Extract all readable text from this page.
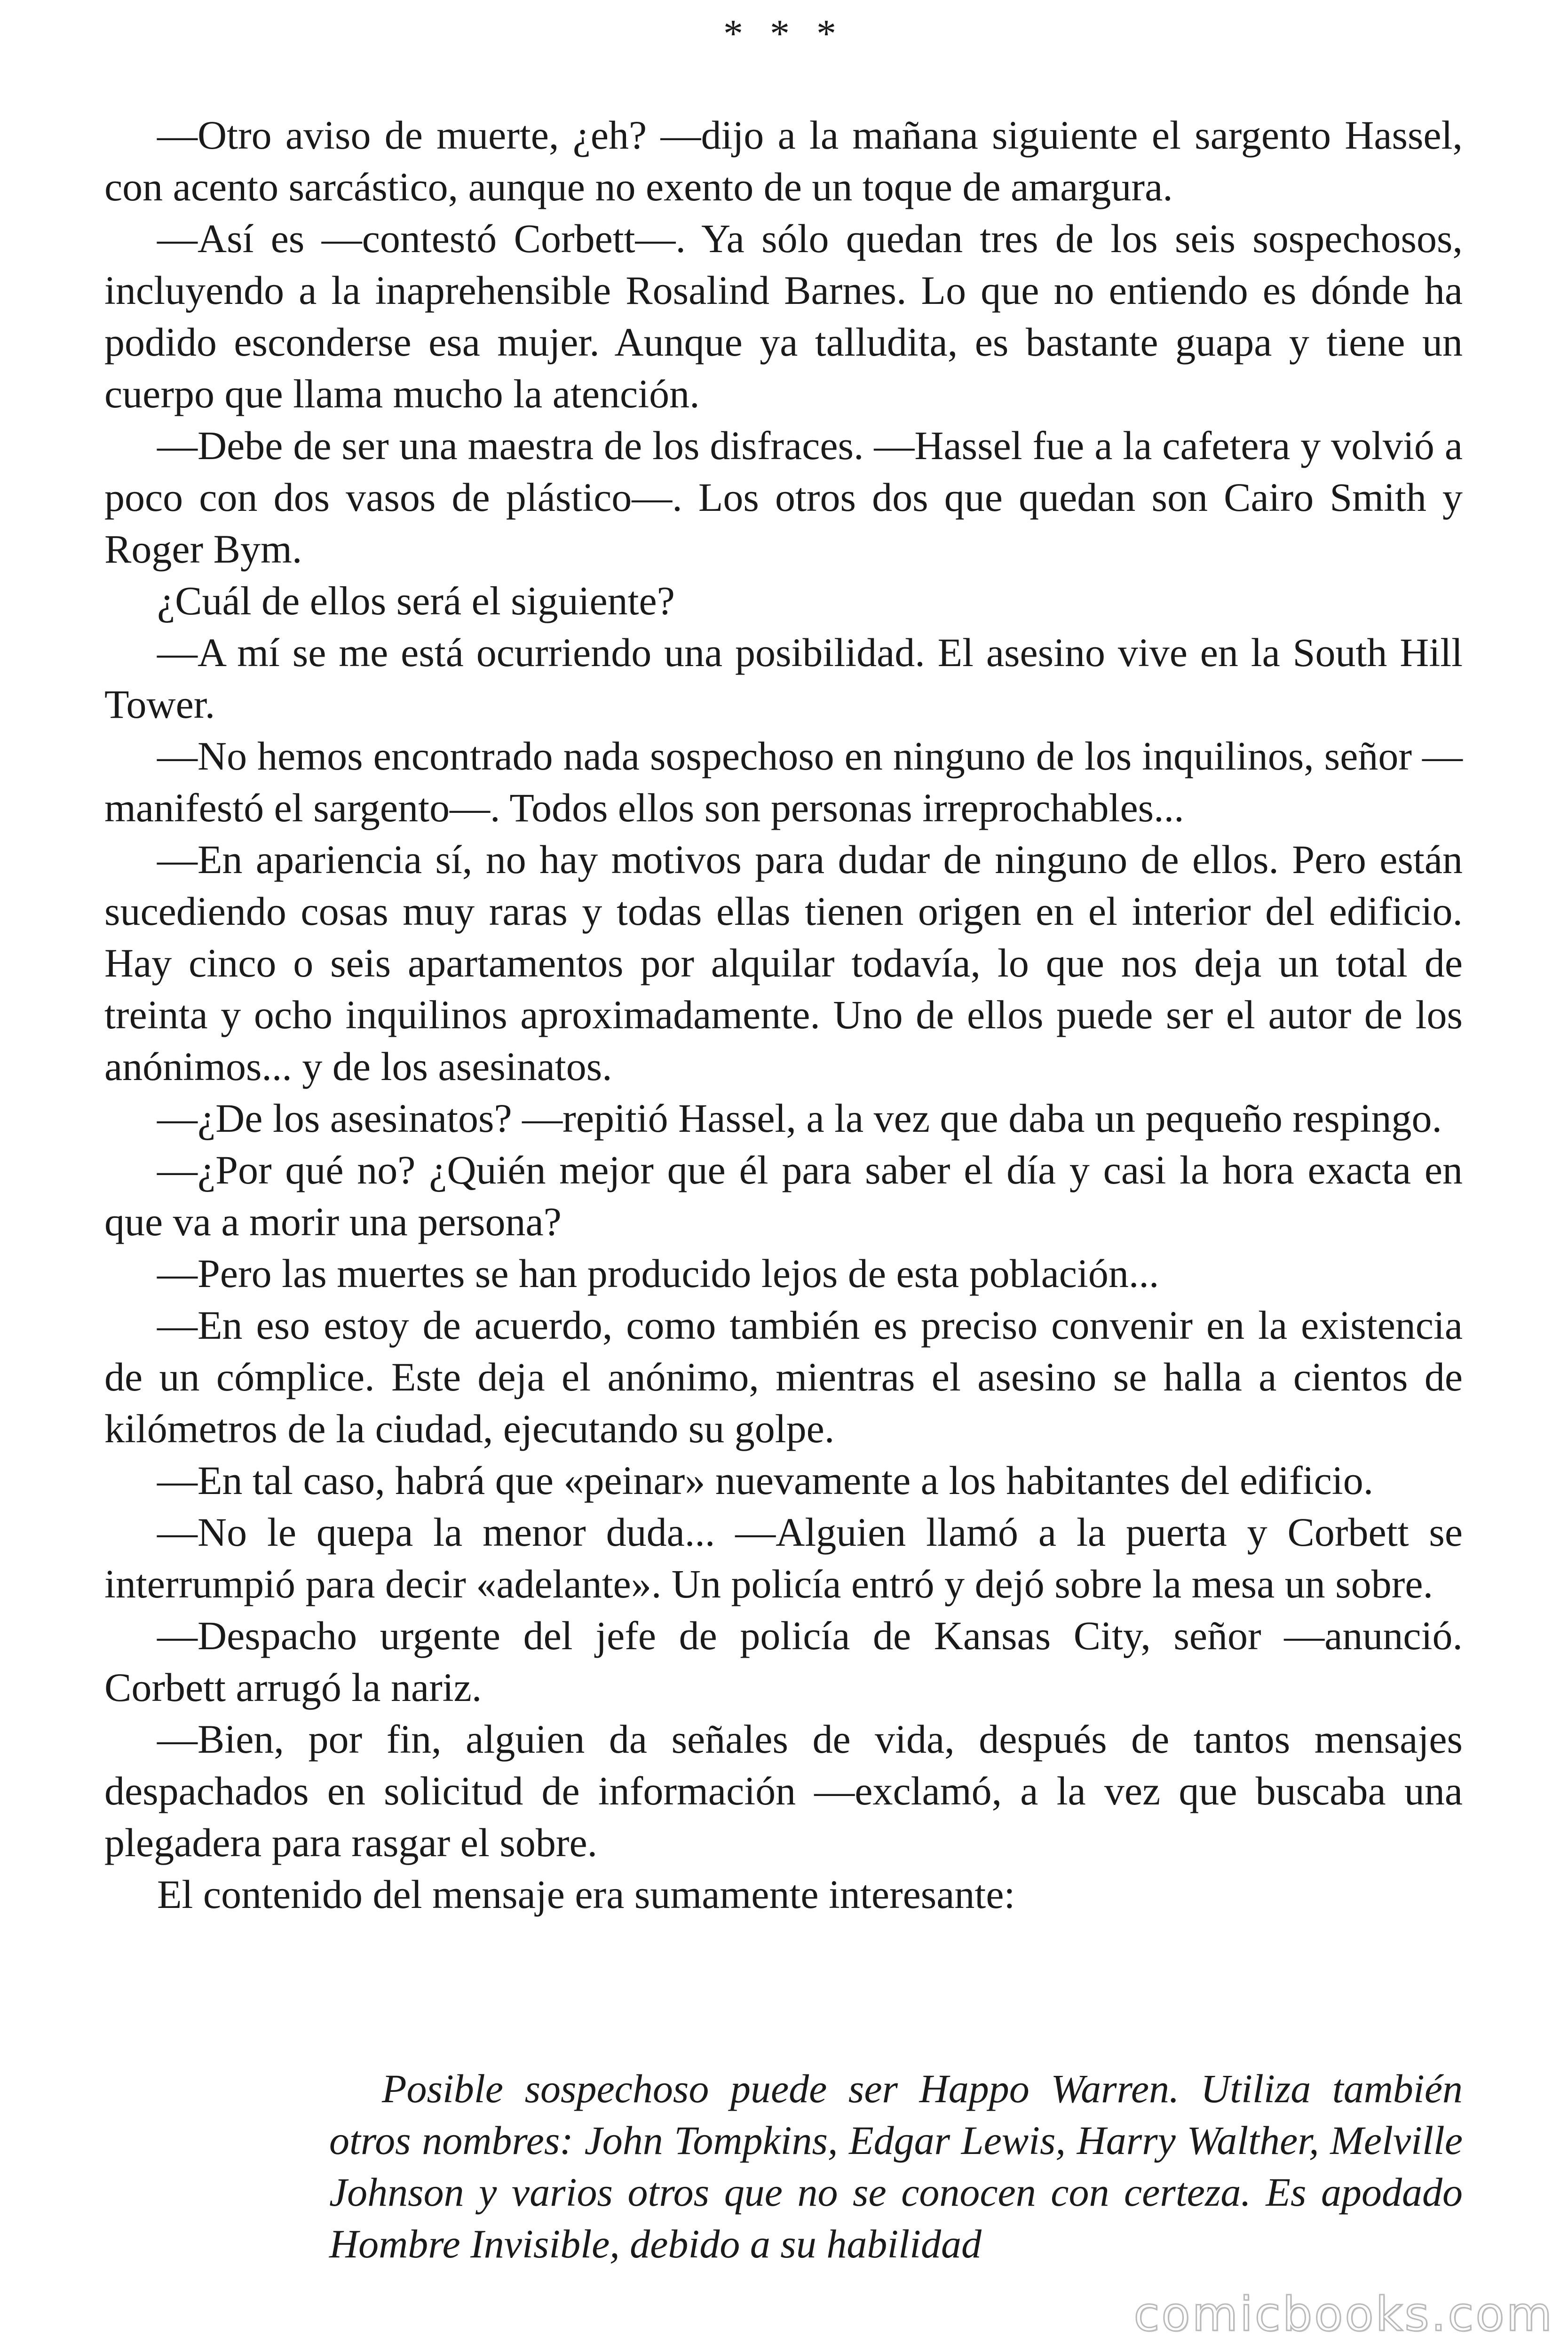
* * *

—Otro aviso de muerte, ¿eh? —dijo a la mañana siguiente el sargento Hassel, con acento sarcástico, aunque no exento de un toque de amargura.

—Así es —contestó Corbett—. Ya sólo quedan tres de los seis sospechosos, incluyendo a la inaprehensible Rosalind Barnes. Lo que no entiendo es dónde ha podido esconderse esa mujer. Aunque ya talludita, es bastante guapa y tiene un cuerpo que llama mucho la atención.

—Debe de ser una maestra de los disfraces. —Hassel fue a la cafetera y volvió a poco con dos vasos de plástico—. Los otros dos que quedan son Cairo Smith y Roger Bym.

¿Cuál de ellos será el siguiente?

—A mí se me está ocurriendo una posibilidad. El asesino vive en la South Hill Tower.

—No hemos encontrado nada sospechoso en ninguno de los inquilinos, señor — manifestó el sargento—. Todos ellos son personas irreprochables...

—En apariencia sí, no hay motivos para dudar de ninguno de ellos. Pero están sucediendo cosas muy raras y todas ellas tienen origen en el interior del edificio. Hay cinco o seis apartamentos por alquilar todavía, lo que nos deja un total de treinta y ocho inquilinos aproximadamente. Uno de ellos puede ser el autor de los anónimos... y de los asesinatos.

—¿De los asesinatos? —repitió Hassel, a la vez que daba un pequeño respingo.

—¿Por qué no? ¿Quién mejor que él para saber el día y casi la hora exacta en que va a morir una persona?

—Pero las muertes se han producido lejos de esta población...

—En eso estoy de acuerdo, como también es preciso convenir en la existencia de un cómplice. Este deja el anónimo, mientras el asesino se halla a cientos de kilómetros de la ciudad, ejecutando su golpe.

—En tal caso, habrá que «peinar» nuevamente a los habitantes del edificio.

—No le quepa la menor duda... —Alguien llamó a la puerta y Corbett se interrumpió para decir «adelante». Un policía entró y dejó sobre la mesa un sobre.

—Despacho urgente del jefe de policía de Kansas City, señor —anunció. Corbett arrugó la nariz.

—Bien, por fin, alguien da señales de vida, después de tantos mensajes despachados en solicitud de información —exclamó, a la vez que buscaba una plegadera para rasgar el sobre.

El contenido del mensaje era sumamente interesante:

Posible sospechoso puede ser Happo Warren. Utiliza también otros nombres: John Tompkins, Edgar Lewis, Harry Walther, Melville Johnson y varios otros que no se conocen con certeza. Es apodado Hombre Invisible, debido a su habilidad

comicbooks.com
